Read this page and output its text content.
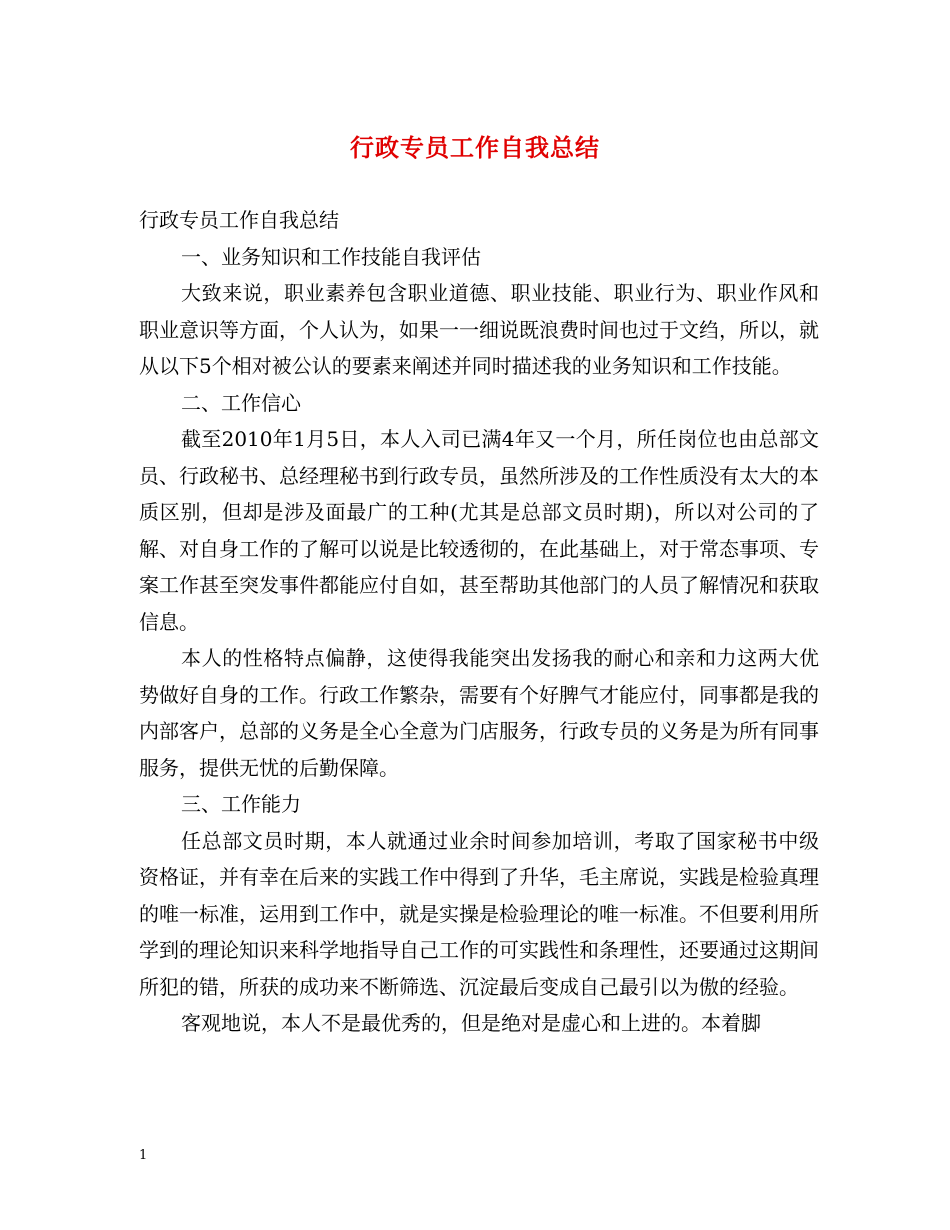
行政专员工作自我总结

行政专员工作自我总结

一、业务知识和工作技能自我评估

大致来说，职业素养包含职业道德、职业技能、职业行为、职业作风和职业意识等方面，个人认为，如果一一细说既浪费时间也过于文绉，所以，就从以下5个相对被公认的要素来阐述并同时描述我的业务知识和工作技能。

二、工作信心

截至2010年1月5日，本人入司已满4年又一个月，所任岗位也由总部文员、行政秘书、总经理秘书到行政专员，虽然所涉及的工作性质没有太大的本质区别，但却是涉及面最广的工种(尤其是总部文员时期)，所以对公司的了解、对自身工作的了解可以说是比较透彻的，在此基础上，对于常态事项、专案工作甚至突发事件都能应付自如，甚至帮助其他部门的人员了解情况和获取信息。

本人的性格特点偏静，这使得我能突出发扬我的耐心和亲和力这两大优势做好自身的工作。行政工作繁杂，需要有个好脾气才能应付，同事都是我的内部客户，总部的义务是全心全意为门店服务，行政专员的义务是为所有同事服务，提供无忧的后勤保障。

三、工作能力

任总部文员时期，本人就通过业余时间参加培训，考取了国家秘书中级资格证，并有幸在后来的实践工作中得到了升华，毛主席说，实践是检验真理的唯一标准，运用到工作中，就是实操是检验理论的唯一标准。不但要利用所学到的理论知识来科学地指导自己工作的可实践性和条理性，还要通过这期间所犯的错，所获的成功来不断筛选、沉淀最后变成自己最引以为傲的经验。

客观地说，本人不是最优秀的，但是绝对是虚心和上进的。本着脚

1
